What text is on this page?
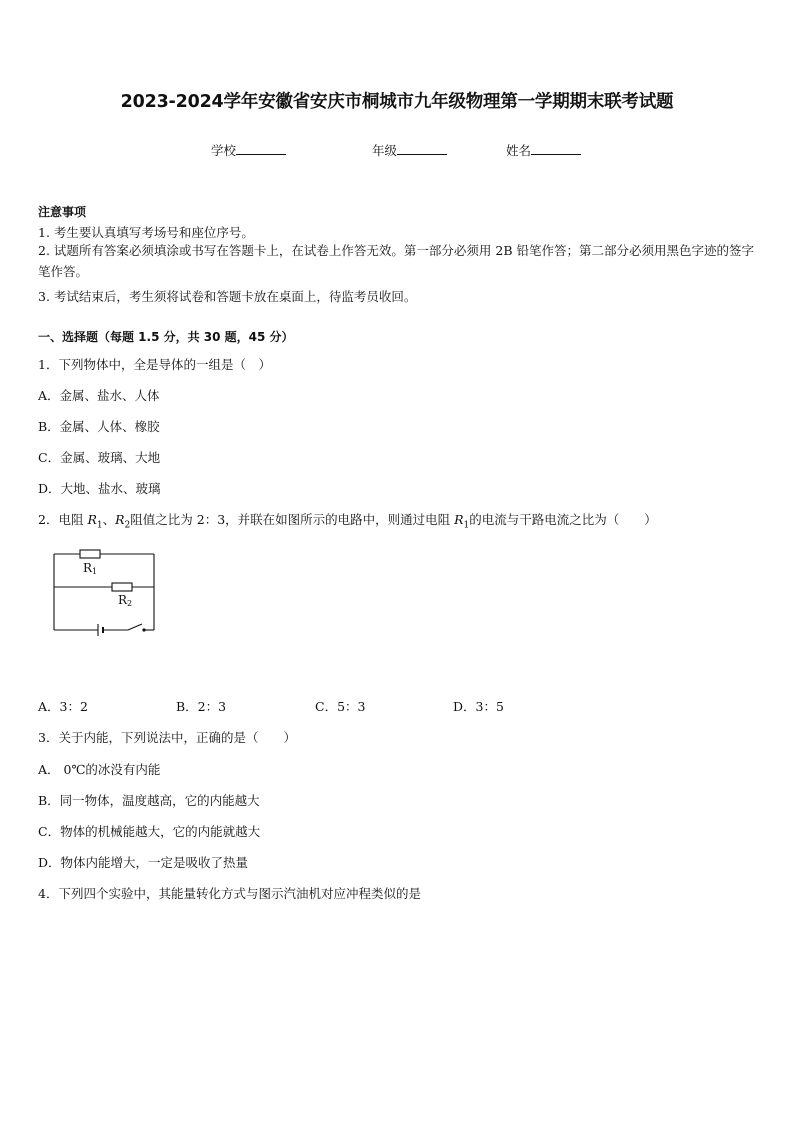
2023-2024学年安徽省安庆市桐城市九年级物理第一学期期末联考试题
学校	年级	姓名
注意事项
1. 考生要认真填写考场号和座位序号。
2. 试题所有答案必须填涂或书写在答题卡上，在试卷上作答无效。第一部分必须用 2B 铅笔作答；第二部分必须用黑色字迹的签字笔作答。
3. 考试结束后，考生须将试卷和答题卡放在桌面上，待监考员收回。
一、选择题（每题 1.5 分，共 30 题，45 分）
1．下列物体中，全是导体的一组是（　）
A．金属、盐水、人体
B．金属、人体、橡胶
C．金属、玻璃、大地
D．大地、盐水、玻璃
2．电阻 $R_1$、$R_2$阻值之比为 2：3，并联在如图所示的电路中，则通过电阻 $R_1$的电流与干路电流之比为（　　）
R1
R2
A．3：2	B．2：3	C．5：3	D．3：5
3．关于内能，下列说法中，正确的是（　　）
A． 0℃的冰没有内能
B．同一物体，温度越高，它的内能越大
C．物体的机械能越大，它的内能就越大
D．物体内能增大，一定是吸收了热量
4．下列四个实验中，其能量转化方式与图示汽油机对应冲程类似的是
